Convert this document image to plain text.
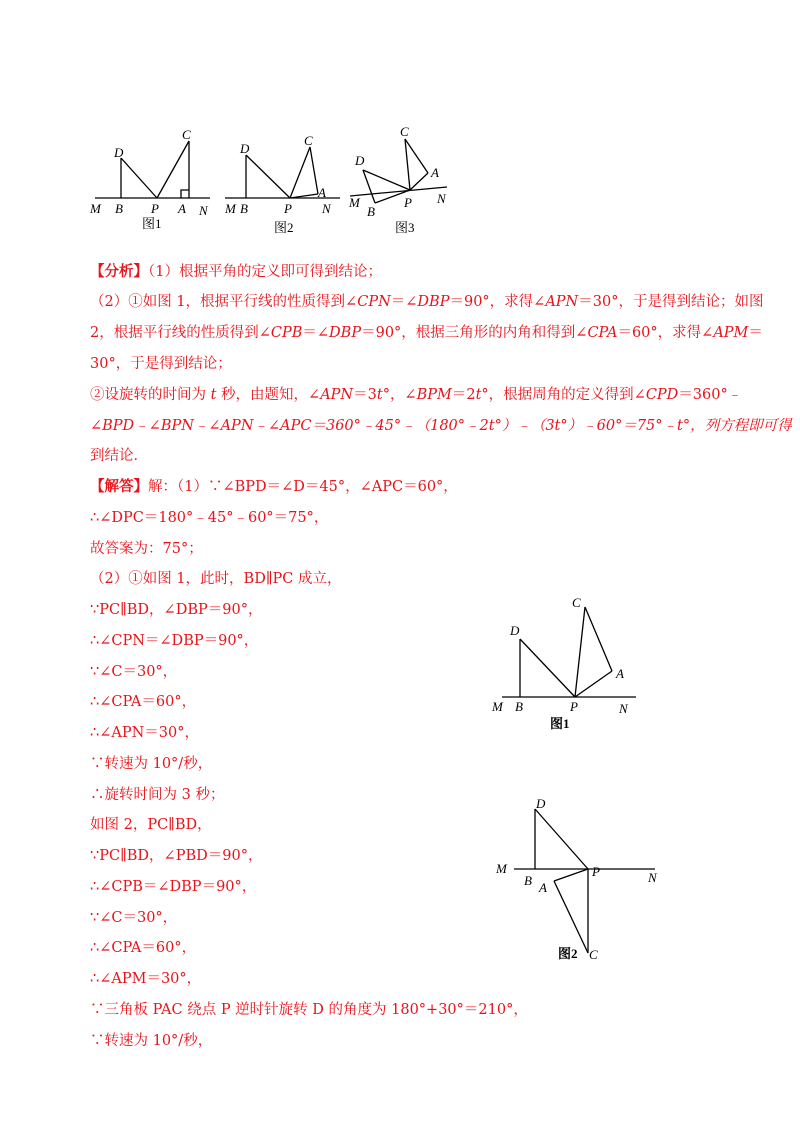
C
D
M B P A N
C
D
M B	P
A
N
C
D
M
B
P
A
N
图1	图2	图3
【分析】（1）根据平角的定义即可得到结论；
（2）①如图 1，根据平行线的性质得到∠CPN＝∠DBP＝90°，求得∠APN＝30°，于是得到结论；如图
2，根据平行线的性质得到∠CPB＝∠DBP＝90°，根据三角形的内角和得到∠CPA＝60°，求得∠APM＝
30°，于是得到结论；
②设旋转的时间为 t 秒，由题知，∠APN＝3t°，∠BPM＝2t°，根据周角的定义得到∠CPD＝360°﹣
∠BPD﹣∠BPN﹣∠APN﹣∠APC＝360°﹣45°﹣（180°﹣2t°）﹣（3t°）﹣60°＝75°﹣t°，列方程即可得
到结论．
【解答】解：（1）∵∠BPD＝∠D＝45°，∠APC＝60°，
∴∠DPC＝180°﹣45°﹣60°＝75°，
故答案为：75°；
（2）①如图 1，此时，BD∥PC 成立，
∵PC∥BD，∠DBP＝90°，
∴∠CPN＝∠DBP＝90°，
∵∠C＝30°，
∴∠CPA＝60°，
∴∠APN＝30°，
∵转速为 10°/秒，
∴旋转时间为 3 秒；
如图 2，PC∥BD，
∵PC∥BD，∠PBD＝90°，
∴∠CPB＝∠DBP＝90°，
∵∠C＝30°，
∴∠CPA＝60°，
∴∠APM＝30°，
∵三角板 PAC 绕点 P 逆时针旋转 D 的角度为 180°+30°＝210°，
∵转速为 10°/秒，
C
D
M B	P
A
N
图1
D
M
B A
P	N
C
图2
